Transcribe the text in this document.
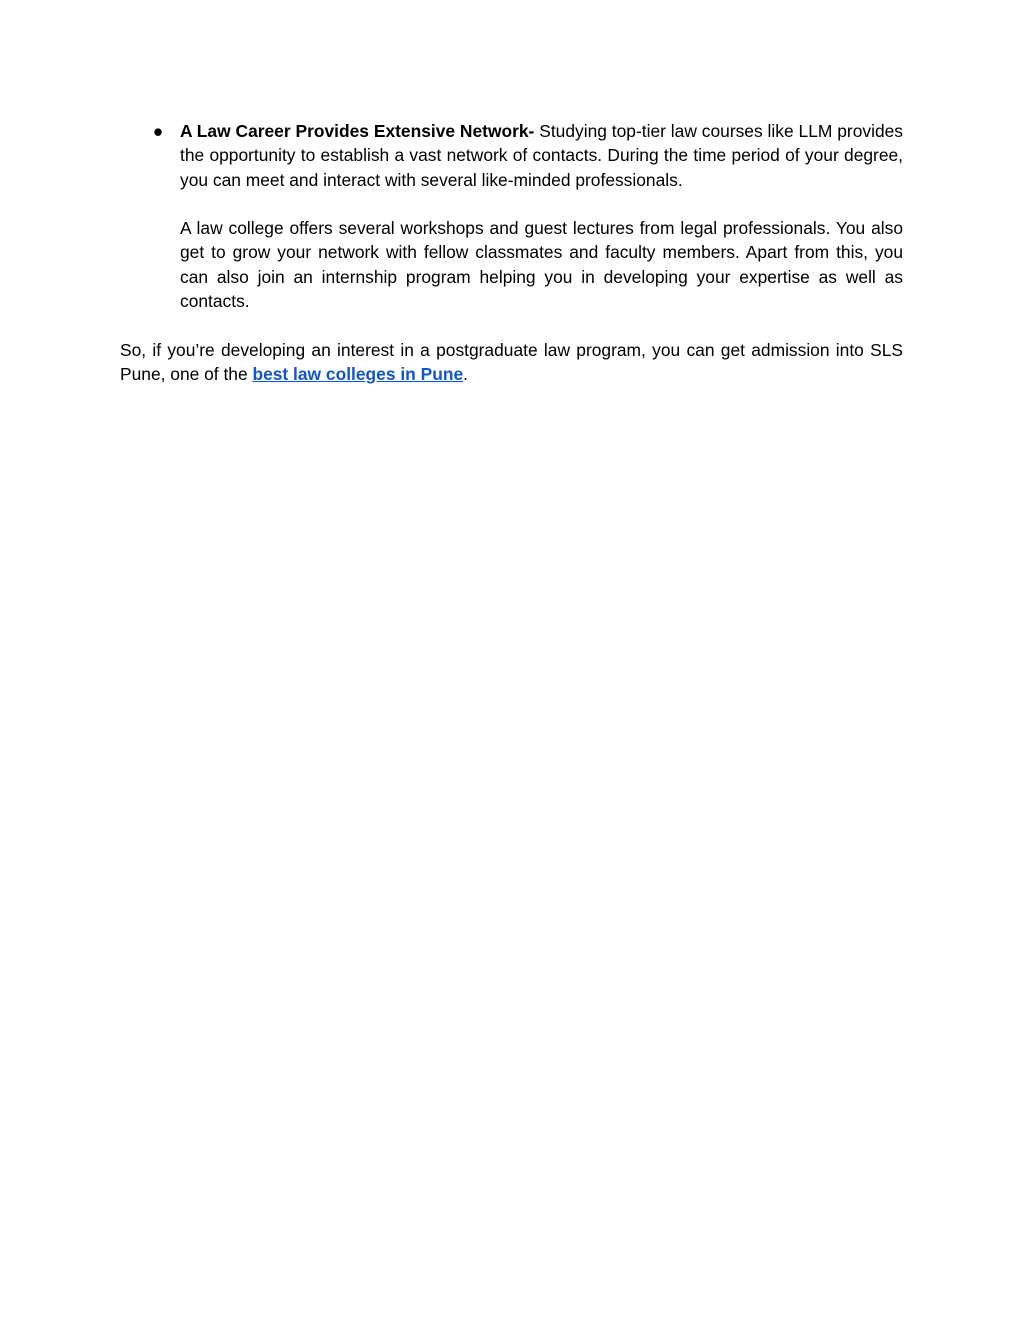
● A Law Career Provides Extensive Network- Studying top-tier law courses like LLM provides the opportunity to establish a vast network of contacts. During the time period of your degree, you can meet and interact with several like-minded professionals.

A law college offers several workshops and guest lectures from legal professionals. You also get to grow your network with fellow classmates and faculty members. Apart from this, you can also join an internship program helping you in developing your expertise as well as contacts.

So, if you’re developing an interest in a postgraduate law program, you can get admission into SLS Pune, one of the best law colleges in Pune.
